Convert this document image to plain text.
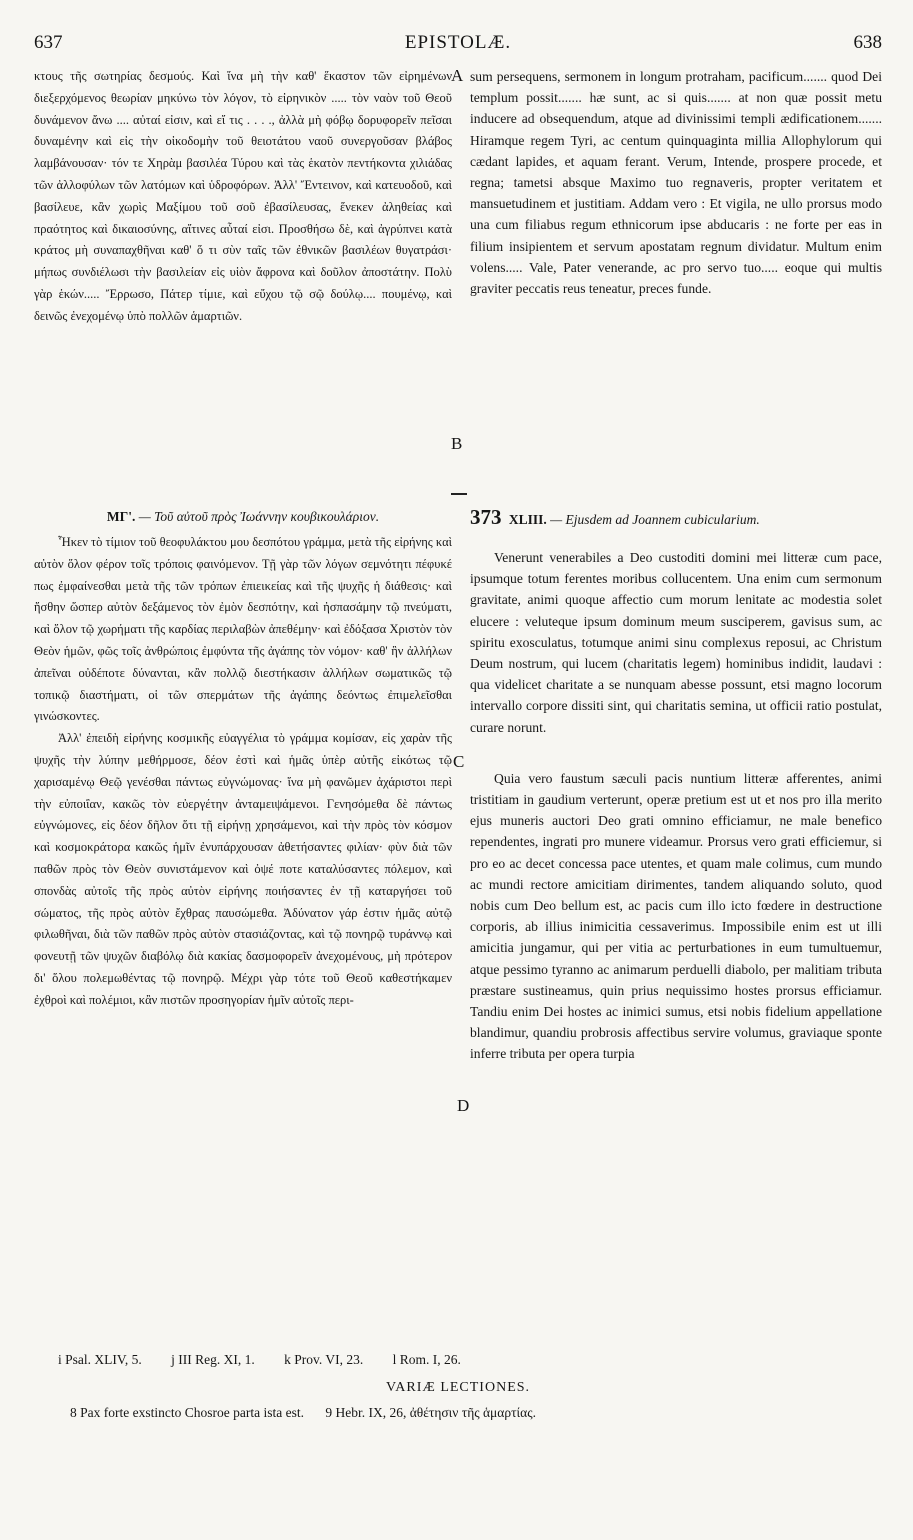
637	EPISTOLÆ.	638

κτους τῆς σωτηρίας δεσμούς. Καὶ ἵνα μὴ τὴν καθ' ἕκαστον τῶν εἰρημένων διεξερχόμενος θεωρίαν μηκύνω τὸν λόγον, τὸ εἰρηνικὸν ..... τὸν ναὸν τοῦ Θεοῦ δυνάμενον ἄνω .... αὐταί εἰσιν, καὶ εἴ τις . . . ., ἀλλὰ μὴ φόβῳ δορυφορεῖν πεῖσαι δυναμένην καὶ εἰς τὴν οἰκοδομὴν τοῦ θειοτάτου ναοῦ συνεργοῦσαν βλάβος λαμβάνουσαν· τόν τε Χηρὰμ βασιλέα Τύρου καὶ τὰς ἑκατὸν πεντήκοντα χιλιάδας τῶν ἀλλοφύλων τῶν λατόμων καὶ ὑδροφόρων. Ἀλλ' Ἔντεινον, καὶ κατευοδοῦ, καὶ βασίλευε, κἂν χωρὶς Μαξίμου τοῦ σοῦ ἐβασίλευσας, ἕνεκεν ἀληθείας καὶ πραότητος καὶ δικαιοσύνης, αἵτινες αὗταί εἰσι. Προσθήσω δὲ, καὶ ἀγρύπνει κατὰ κράτος μὴ συναπαχθῆναι καθ' ὅ τι σὺν ταῖς τῶν ἐθνικῶν βασιλέων θυγατράσι· μήπως συνδιέλωσι τὴν βασιλείαν εἰς υἱὸν ἄφρονα καὶ δοῦλον ἀποστάτην. Πολὺ γὰρ ἑκών..... Ἔρρωσο, Πάτερ τίμιε, καὶ εὔχου τῷ σῷ δούλῳ.... πουμένῳ, καὶ δεινῶς ἐνεχομένῳ ὑπὸ πολλῶν ἁμαρτιῶν.

ΜΓ'. — Τοῦ αὐτοῦ πρὸς Ἰωάννην κουβικουλάριον.

Ἧκεν τὸ τίμιον τοῦ θεοφυλάκτου μου δεσπότου γράμμα, μετὰ τῆς εἰρήνης καὶ αὐτὸν ὅλον φέρον τοῖς τρόποις φαινόμενον. Τῇ γὰρ τῶν λόγων σεμνότητι πέφυκέ πως ἐμφαίνεσθαι μετὰ τῆς τῶν τρόπων ἐπιεικείας καὶ τῆς ψυχῆς ἡ διάθεσις· καὶ ἥσθην ὥσπερ αὐτὸν δεξάμενος τὸν ἐμὸν δεσπότην, καὶ ἠσπασάμην τῷ πνεύματι, καὶ ὅλον τῷ χωρήματι τῆς καρδίας περιλαβὼν ἀπεθέμην· καὶ ἐδόξασα Χριστὸν τὸν Θεὸν ἡμῶν, φῶς τοῖς ἀνθρώποις ἐμφύντα τῆς ἀγάπης τὸν νόμον· καθ' ἣν ἀλλήλων ἀπεῖναι οὐδέποτε δύνανται, κἂν πολλῷ διεστήκασιν ἀλλήλων σωματικῶς τῷ τοπικῷ διαστήματι, οἱ τῶν σπερμάτων τῆς ἀγάπης δεόντως ἐπιμελεῖσθαι γινώσκοντες.

Ἀλλ' ἐπειδὴ εἰρήνης κοσμικῆς εὐαγγέλια τὸ γράμμα κομίσαν, εἰς χαρὰν τῆς ψυχῆς τὴν λύπην μεθήρμοσε, δέον ἐστὶ καὶ ἡμᾶς ὑπὲρ αὐτῆς εἰκότως τῷ χαρισαμένῳ Θεῷ γενέσθαι πάντως εὐγνώμονας· ἵνα μὴ φανῶμεν ἀχάριστοι περὶ τὴν εὐποιΐαν, κακῶς τὸν εὐεργέτην ἀνταμειψάμενοι. Γενησόμεθα δὲ πάντως εὐγνώμονες, εἰς δέον δῆλον ὅτι τῇ εἰρήνῃ χρησάμενοι, καὶ τὴν πρὸς τὸν κόσμον καὶ κοσμοκράτορα κακῶς ἡμῖν ἐνυπάρχουσαν ἀθετήσαντες φιλίαν· φὺν διὰ τῶν παθῶν πρὸς τὸν Θεὸν συνιστάμενον καὶ ὀψέ ποτε καταλύσαντες πόλεμον, καὶ σπονδὰς αὐτοῖς τῆς πρὸς αὐτὸν εἰρήνης ποιήσαντες ἐν τῇ καταργήσει τοῦ σώματος, τῆς πρὸς αὐτὸν ἔχθρας παυσώμεθα. Ἀδύνατον γάρ ἐστιν ἡμᾶς αὐτῷ φιλωθῆναι, διὰ τῶν παθῶν πρὸς αὐτὸν στασιάζοντας, καὶ τῷ πονηρῷ τυράννῳ καὶ φονευτῇ τῶν ψυχῶν διαβόλῳ διὰ κακίας δασμοφορεῖν ἀνεχομένους, μὴ πρότερον δι' ὅλου πολεμωθέντας τῷ πονηρῷ. Μέχρι γὰρ τότε τοῦ Θεοῦ καθεστήκαμεν ἐχθροὶ καὶ πολέμιοι, κἂν πιστῶν προσηγορίαν ἡμῖν αὐτοῖς περι-

sum persequens, sermonem in longum protraham, pacificum....... quod Dei templum possit....... hæ sunt, ac si quis....... at non quæ possit metu inducere ad obsequendum, atque ad divinissimi templi ædificationem....... Hiramque regem Tyri, ac centum quinquaginta millia Allophylorum qui cædant lapides, et aquam ferant. Verum, Intende, prospere procede, et regna; tametsi absque Maximo tuo regnaveris, propter veritatem et mansuetudinem et justitiam. Addam vero : Et vigila, ne ullo prorsus modo una cum filiabus regum ethnicorum ipse abducaris : ne forte per eas in filium insipientem et servum apostatam regnum dividatur. Multum enim volens..... Vale, Pater venerande, ac pro servo tuo..... eoque qui multis graviter peccatis reus teneatur, preces funde.

373 XLIII. — Ejusdem ad Joannem cubicularium.

Venerunt venerabiles a Deo custoditi domini mei litteræ cum pace, ipsumque totum ferentes moribus collucentem. Una enim cum sermonum gravitate, animi quoque affectio cum morum lenitate ac modestia solet elucere : veluteque ipsum dominum meum susciperem, gavisus sum, ac spiritu exosculatus, totumque animi sinu complexus reposui, ac Christum Deum nostrum, qui lucem (charitatis legem) hominibus indidit, laudavi : qua videlicet charitate a se nunquam abesse possunt, etsi magno locorum intervallo corpore dissiti sint, qui charitatis semina, ut officii ratio postulat, curare norunt.

Quia vero faustum sæculi pacis nuntium litteræ afferentes, animi tristitiam in gaudium verterunt, operæ pretium est ut et nos pro illa merito ejus muneris auctori Deo grati omnino efficiamur, ne male benefico rependentes, ingrati pro munere videamur. Prorsus vero grati efficiemur, si pro eo ac decet concessa pace utentes, et quam male colimus, cum mundo ac mundi rectore amicitiam dirimentes, tandem aliquando soluto, quod nobis cum Deo bellum est, ac pacis cum illo icto fœdere in destructione corporis, ab illius inimicitia cessaverimus. Impossibile enim est ut illi amicitia jungamur, qui per vitia ac perturbationes in eum tumultuemur, atque pessimo tyranno ac animarum perduelli diabolo, per malitiam tributa præstare sustineamus, quin prius nequissimo hostes prorsus efficiamur. Tandiu enim Dei hostes ac inimici sumus, etsi nobis fidelium appellatione blandimur, quandiu probrosis affectibus servire volumus, graviaque sponte inferre tributa per opera turpia

A
B
C
D
i Psal. XLIV, 5. j III Reg. XI, 1. k Prov. VI, 23. l Rom. I, 26.
VARIÆ LECTIONES.
8 Pax forte exstincto Chosroe parta ista est. 9 Hebr. IX, 26, ἀθέτησιν τῆς ἁμαρτίας.
